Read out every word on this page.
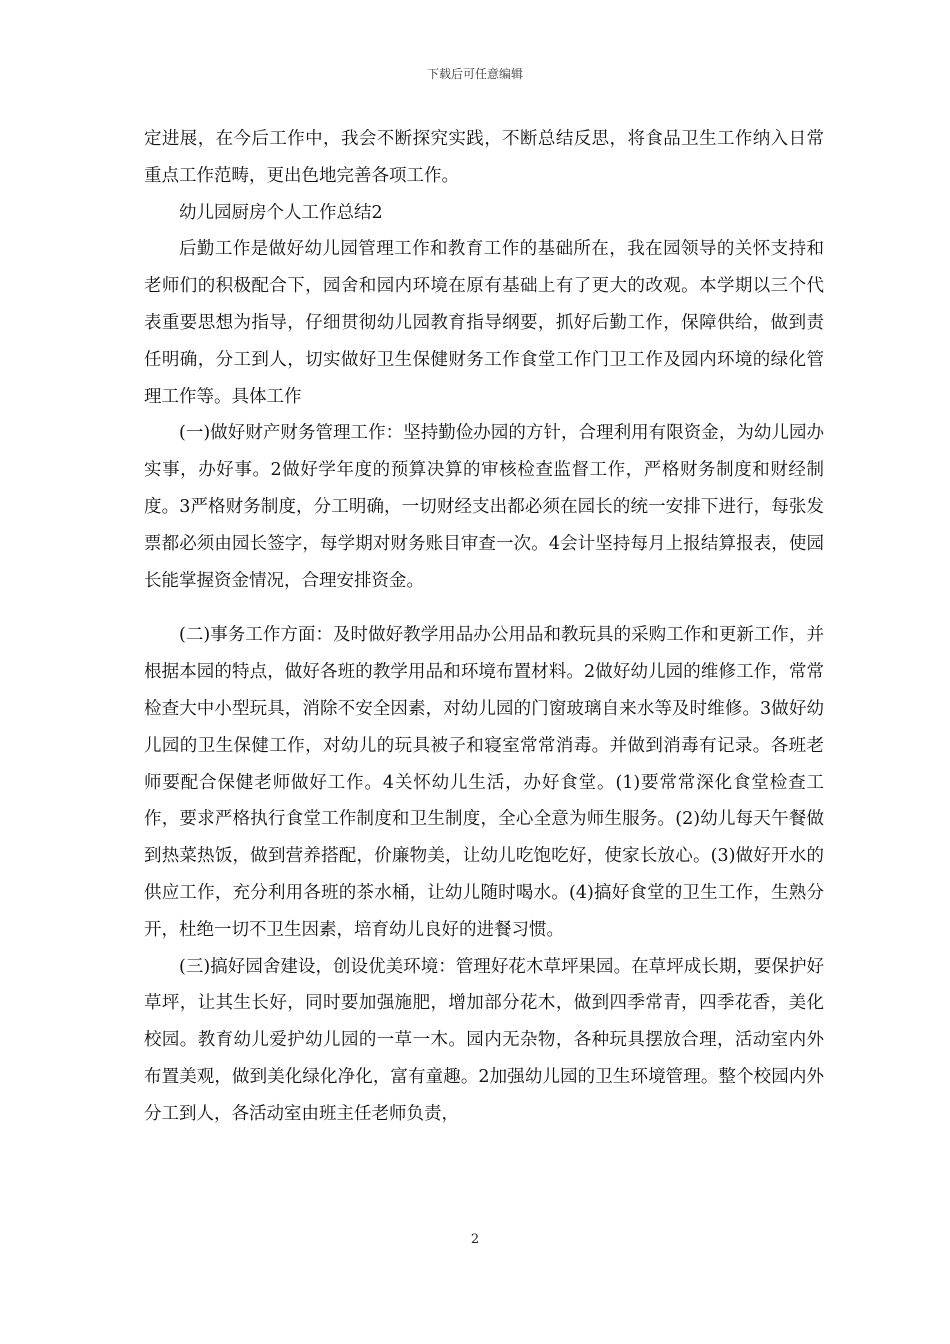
下载后可任意编辑

定进展，在今后工作中，我会不断探究实践，不断总结反思，将食品卫生工作纳入日常重点工作范畴，更出色地完善各项工作。

幼儿园厨房个人工作总结2

后勤工作是做好幼儿园管理工作和教育工作的基础所在，我在园领导的关怀支持和老师们的积极配合下，园舍和园内环境在原有基础上有了更大的改观。本学期以三个代表重要思想为指导，仔细贯彻幼儿园教育指导纲要，抓好后勤工作，保障供给，做到责任明确，分工到人，切实做好卫生保健财务工作食堂工作门卫工作及园内环境的绿化管理工作等。具体工作

(一)做好财产财务管理工作：坚持勤俭办园的方针，合理利用有限资金，为幼儿园办实事，办好事。2做好学年度的预算决算的审核检查监督工作，严格财务制度和财经制度。3严格财务制度，分工明确，一切财经支出都必须在园长的统一安排下进行，每张发票都必须由园长签字，每学期对财务账目审查一次。4会计坚持每月上报结算报表，使园长能掌握资金情况，合理安排资金。

(二)事务工作方面：及时做好教学用品办公用品和教玩具的采购工作和更新工作，并根据本园的特点，做好各班的教学用品和环境布置材料。2做好幼儿园的维修工作，常常检查大中小型玩具，消除不安全因素，对幼儿园的门窗玻璃自来水等及时维修。3做好幼儿园的卫生保健工作，对幼儿的玩具被子和寝室常常消毒。并做到消毒有记录。各班老师要配合保健老师做好工作。4关怀幼儿生活，办好食堂。(1)要常常深化食堂检查工作，要求严格执行食堂工作制度和卫生制度，全心全意为师生服务。(2)幼儿每天午餐做到热菜热饭，做到营养搭配，价廉物美，让幼儿吃饱吃好，使家长放心。(3)做好开水的供应工作，充分利用各班的茶水桶，让幼儿随时喝水。(4)搞好食堂的卫生工作，生熟分开，杜绝一切不卫生因素，培育幼儿良好的进餐习惯。

(三)搞好园舍建设，创设优美环境：管理好花木草坪果园。在草坪成长期，要保护好草坪，让其生长好，同时要加强施肥，增加部分花木，做到四季常青，四季花香，美化校园。教育幼儿爱护幼儿园的一草一木。园内无杂物，各种玩具摆放合理，活动室内外布置美观，做到美化绿化净化，富有童趣。2加强幼儿园的卫生环境管理。整个校园内外分工到人，各活动室由班主任老师负责，

2
